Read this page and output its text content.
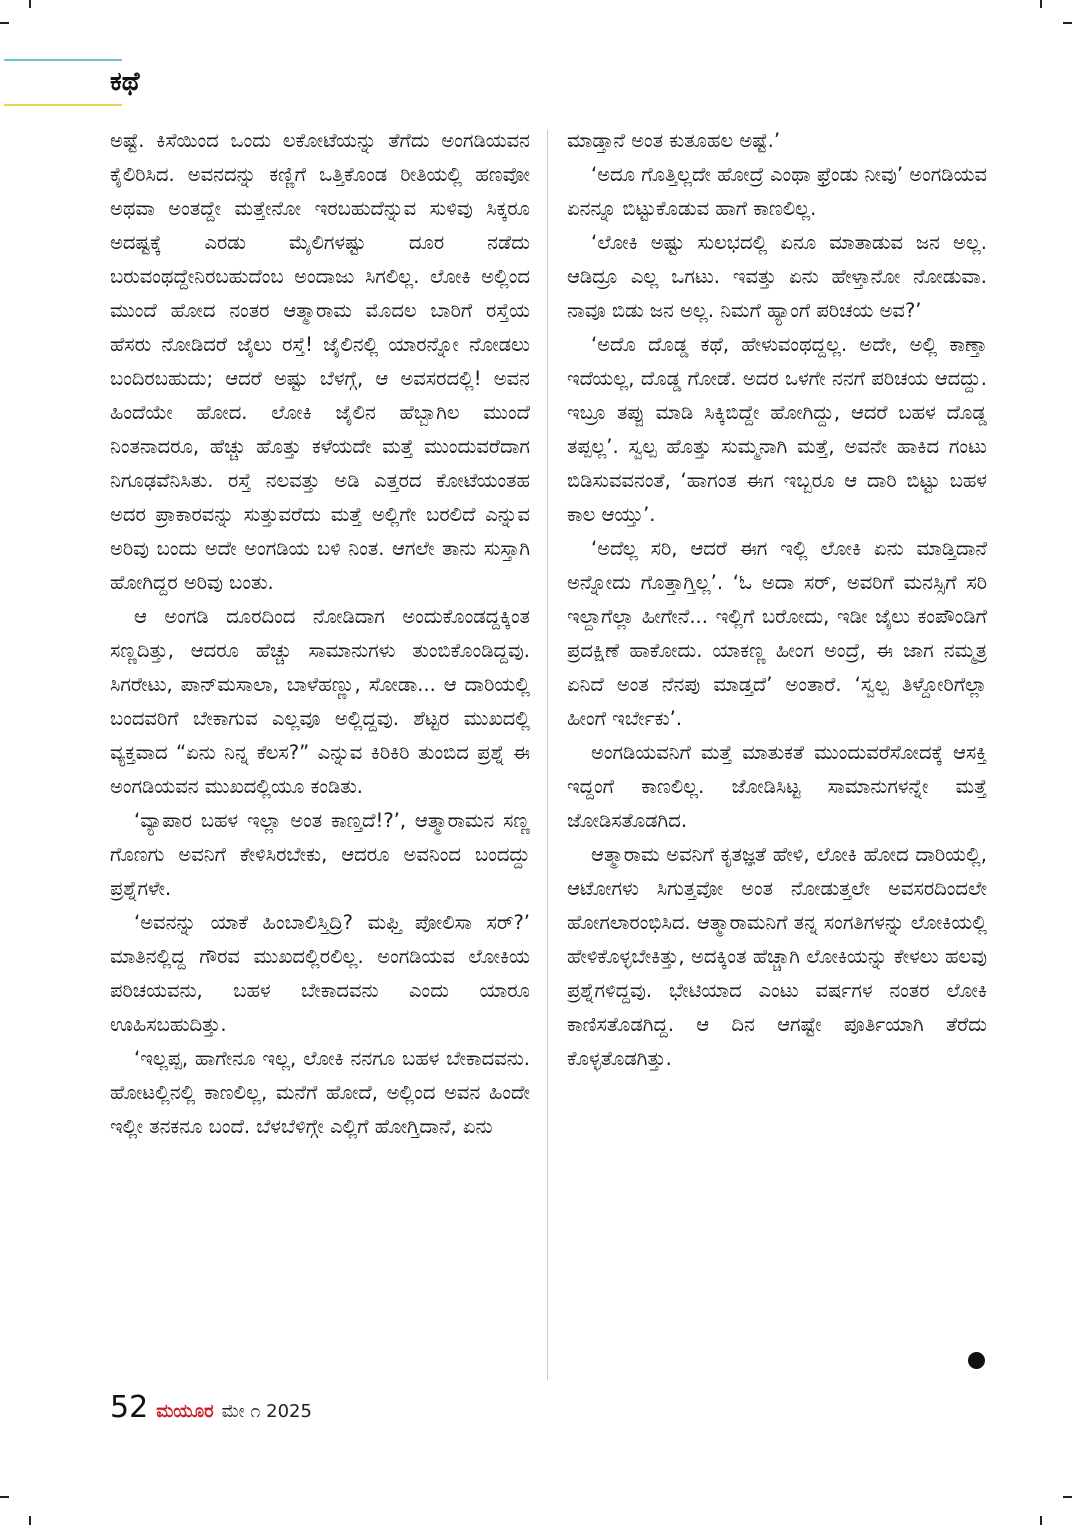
ಕಥೆ

ಅಷ್ಟೆ. ಕಿಸೆಯಿಂದ ಒಂದು ಲಕೋಟೆಯನ್ನು ತೆಗೆದು ಅಂಗಡಿಯವನ ಕೈಲಿರಿಸಿದ. ಅವನದನ್ನು ಕಣ್ಣಿಗೆ ಒತ್ತಿಕೊಂಡ ರೀತಿಯಲ್ಲಿ ಹಣವೋ ಅಥವಾ ಅಂತದ್ದೇ ಮತ್ತೇನೋ ಇರಬಹುದೆನ್ನುವ ಸುಳಿವು ಸಿಕ್ಕರೂ ಅದಷ್ಟಕ್ಕೆ ಎರಡು ಮೈಲಿಗಳಷ್ಟು ದೂರ ನಡೆದು ಬರುವಂಥದ್ದೇನಿರಬಹುದೆಂಬ ಅಂದಾಜು ಸಿಗಲಿಲ್ಲ. ಲೋಕಿ ಅಲ್ಲಿಂದ ಮುಂದೆ ಹೋದ ನಂತರ ಆತ್ಮಾರಾಮ ಮೊದಲ ಬಾರಿಗೆ ರಸ್ತೆಯ ಹೆಸರು ನೋಡಿದರೆ ಜೈಲು ರಸ್ತೆ! ಜೈಲಿನಲ್ಲಿ ಯಾರನ್ನೋ ನೋಡಲು ಬಂದಿರಬಹುದು; ಆದರೆ ಅಷ್ಟು ಬೆಳಗ್ಗೆ, ಆ ಅವಸರದಲ್ಲಿ! ಅವನ ಹಿಂದೆಯೇ ಹೋದ. ಲೋಕಿ ಜೈಲಿನ ಹೆಬ್ಬಾಗಿಲ ಮುಂದೆ ನಿಂತನಾದರೂ, ಹೆಚ್ಚು ಹೊತ್ತು ಕಳೆಯದೇ ಮತ್ತೆ ಮುಂದುವರೆದಾಗ ನಿಗೂಢವೆನಿಸಿತು. ರಸ್ತೆ ನಲವತ್ತು ಅಡಿ ಎತ್ತರದ ಕೋಟೆಯಂತಹ ಅದರ ಪ್ರಾಕಾರವನ್ನು ಸುತ್ತುವರೆದು ಮತ್ತೆ ಅಲ್ಲಿಗೇ ಬರಲಿದೆ ಎನ್ನುವ ಅರಿವು ಬಂದು ಅದೇ ಅಂಗಡಿಯ ಬಳಿ ನಿಂತ. ಆಗಲೇ ತಾನು ಸುಸ್ತಾಗಿ ಹೋಗಿದ್ದರ ಅರಿವು ಬಂತು.

ಆ ಅಂಗಡಿ ದೂರದಿಂದ ನೋಡಿದಾಗ ಅಂದುಕೊಂಡದ್ದಕ್ಕಿಂತ ಸಣ್ಣದಿತ್ತು, ಆದರೂ ಹೆಚ್ಚು ಸಾಮಾನುಗಳು ತುಂಬಿಕೊಂಡಿದ್ದವು. ಸಿಗರೇಟು, ಪಾನ್‌ಮಸಾಲಾ, ಬಾಳೆಹಣ್ಣು, ಸೋಡಾ... ಆ ದಾರಿಯಲ್ಲಿ ಬಂದವರಿಗೆ ಬೇಕಾಗುವ ಎಲ್ಲವೂ ಅಲ್ಲಿದ್ದವು. ಶೆಟ್ಟರ ಮುಖದಲ್ಲಿ ವ್ಯಕ್ತವಾದ “ಏನು ನಿನ್ನ ಕೆಲಸ?” ಎನ್ನುವ ಕಿರಿಕಿರಿ ತುಂಬಿದ ಪ್ರಶ್ನೆ ಈ ಅಂಗಡಿಯವನ ಮುಖದಲ್ಲಿಯೂ ಕಂಡಿತು.

‘ವ್ಯಾಪಾರ ಬಹಳ ಇಲ್ಲಾ ಅಂತ ಕಾಣ್ತದೆ!?’, ಆತ್ಮಾರಾಮನ ಸಣ್ಣ ಗೊಣಗು ಅವನಿಗೆ ಕೇಳಿಸಿರಬೇಕು, ಆದರೂ ಅವನಿಂದ ಬಂದದ್ದು ಪ್ರಶ್ನೆಗಳೇ.

‘ಅವನನ್ನು ಯಾಕೆ ಹಿಂಬಾಲಿಸ್ತಿದ್ರಿ? ಮಫ್ತಿ ಪೋಲಿಸಾ ಸರ್?’ ಮಾತಿನಲ್ಲಿದ್ದ ಗೌರವ ಮುಖದಲ್ಲಿರಲಿಲ್ಲ. ಅಂಗಡಿಯವ ಲೋಕಿಯ ಪರಿಚಯವನು, ಬಹಳ ಬೇಕಾದವನು ಎಂದು ಯಾರೂ ಊಹಿಸಬಹುದಿತ್ತು.

‘ಇಲ್ಲಪ್ಪ, ಹಾಗೇನೂ ಇಲ್ಲ, ಲೋಕಿ ನನಗೂ ಬಹಳ ಬೇಕಾದವನು. ಹೋಟಲ್ಲಿನಲ್ಲಿ ಕಾಣಲಿಲ್ಲ, ಮನೆಗೆ ಹೋದೆ, ಅಲ್ಲಿಂದ ಅವನ ಹಿಂದೇ ಇಲ್ಲೀ ತನಕನೂ ಬಂದೆ. ಬೆಳಬೆಳಿಗ್ಗೇ ಎಲ್ಲಿಗೆ ಹೋಗ್ತಿದಾನೆ, ಏನು

ಮಾಡ್ತಾನೆ ಅಂತ ಕುತೂಹಲ ಅಷ್ಟೆ.’

‘ಅದೂ ಗೊತ್ತಿಲ್ಲದೇ ಹೋದ್ರೆ ಎಂಥಾ ಫ್ರೆಂಡು ನೀವು’ ಅಂಗಡಿಯವ ಏನನ್ನೂ ಬಿಟ್ಟುಕೊಡುವ ಹಾಗೆ ಕಾಣಲಿಲ್ಲ.

‘ಲೋಕಿ ಅಷ್ಟು ಸುಲಭದಲ್ಲಿ ಏನೂ ಮಾತಾಡುವ ಜನ ಅಲ್ಲ. ಆಡಿದ್ರೂ ಎಲ್ಲ ಒಗಟು. ಇವತ್ತು ಏನು ಹೇಳ್ತಾನೋ ನೋಡುವಾ. ನಾವೂ ಬಿಡು ಜನ ಅಲ್ಲ. ನಿಮಗೆ ಹ್ಯಾಂಗೆ ಪರಿಚಯ ಅವ?’

‘ಅದೊ ದೊಡ್ಡ ಕಥೆ, ಹೇಳುವಂಥದ್ದಲ್ಲ. ಅದೇ, ಅಲ್ಲಿ ಕಾಣ್ತಾ ಇದೆಯಲ್ಲ, ದೊಡ್ಡ ಗೋಡೆ. ಅದರ ಒಳಗೇ ನನಗೆ ಪರಿಚಯ ಆದದ್ದು. ಇಬ್ರೂ ತಪ್ಪು ಮಾಡಿ ಸಿಕ್ಕಿಬಿದ್ದೇ ಹೋಗಿದ್ದು, ಆದರೆ ಬಹಳ ದೊಡ್ಡ ತಪ್ಪಲ್ಲ’. ಸ್ವಲ್ಪ ಹೊತ್ತು ಸುಮ್ಮನಾಗಿ ಮತ್ತೆ, ಅವನೇ ಹಾಕಿದ ಗಂಟು ಬಿಡಿಸುವವನಂತೆ, ‘ಹಾಗಂತ ಈಗ ಇಬ್ಬರೂ ಆ ದಾರಿ ಬಿಟ್ಟು ಬಹಳ ಕಾಲ ಆಯ್ತು’.

‘ಅದೆಲ್ಲ ಸರಿ, ಆದರೆ ಈಗ ಇಲ್ಲಿ ಲೋಕಿ ಏನು ಮಾಡ್ತಿದಾನೆ ಅನ್ನೋದು ಗೊತ್ತಾಗ್ತಿಲ್ಲ’. ‘ಓ ಅದಾ ಸರ್, ಅವರಿಗೆ ಮನಸ್ಸಿಗೆ ಸರಿ ಇಲ್ದಾಗೆಲ್ಲಾ ಹೀಗೇನೆ... ಇಲ್ಲಿಗೆ ಬರೋದು, ಇಡೀ ಜೈಲು ಕಂಪೌಂಡಿಗೆ ಪ್ರದಕ್ಷಿಣೆ ಹಾಕೋದು. ಯಾಕಣ್ಣ ಹೀಂಗ ಅಂದ್ರೆ, ಈ ಜಾಗ ನಮ್ಮತ್ರ ಏನಿದೆ ಅಂತ ನೆನಪು ಮಾಡ್ತದೆ’ ಅಂತಾರೆ. ‘ಸ್ವಲ್ಪ ತಿಳ್ದೋರಿಗೆಲ್ಲಾ ಹೀಂಗೆ ಇರ್ಬೇಕು’.

ಅಂಗಡಿಯವನಿಗೆ ಮತ್ತೆ ಮಾತುಕತೆ ಮುಂದುವರೆಸೋದಕ್ಕೆ ಆಸಕ್ತಿ ಇದ್ದಂಗೆ ಕಾಣಲಿಲ್ಲ. ಜೋಡಿಸಿಟ್ಟ ಸಾಮಾನುಗಳನ್ನೇ ಮತ್ತೆ ಜೋಡಿಸತೊಡಗಿದ.

ಆತ್ಮಾರಾಮ ಅವನಿಗೆ ಕೃತಜ್ಞತೆ ಹೇಳಿ, ಲೋಕಿ ಹೋದ ದಾರಿಯಲ್ಲಿ, ಆಟೋಗಳು ಸಿಗುತ್ತವೋ ಅಂತ ನೋಡುತ್ತಲೇ ಅವಸರದಿಂದಲೇ ಹೋಗಲಾರಂಭಿಸಿದ. ಆತ್ಮಾರಾಮನಿಗೆ ತನ್ನ ಸಂಗತಿಗಳನ್ನು ಲೋಕಿಯಲ್ಲಿ ಹೇಳಿಕೊಳ್ಳಬೇಕಿತ್ತು, ಅದಕ್ಕಿಂತ ಹೆಚ್ಚಾಗಿ ಲೋಕಿಯನ್ನು ಕೇಳಲು ಹಲವು ಪ್ರಶ್ನೆಗಳಿದ್ದವು. ಭೇಟಿಯಾದ ಎಂಟು ವರ್ಷಗಳ ನಂತರ ಲೋಕಿ ಕಾಣಿಸತೊಡಗಿದ್ದ. ಆ ದಿನ ಆಗಷ್ಟೇ ಪೂರ್ತಿಯಾಗಿ ತೆರೆದು ಕೊಳ್ಳತೊಡಗಿತ್ತು.

52 ಮಯೂರ ಮೇ ೧ 2025
